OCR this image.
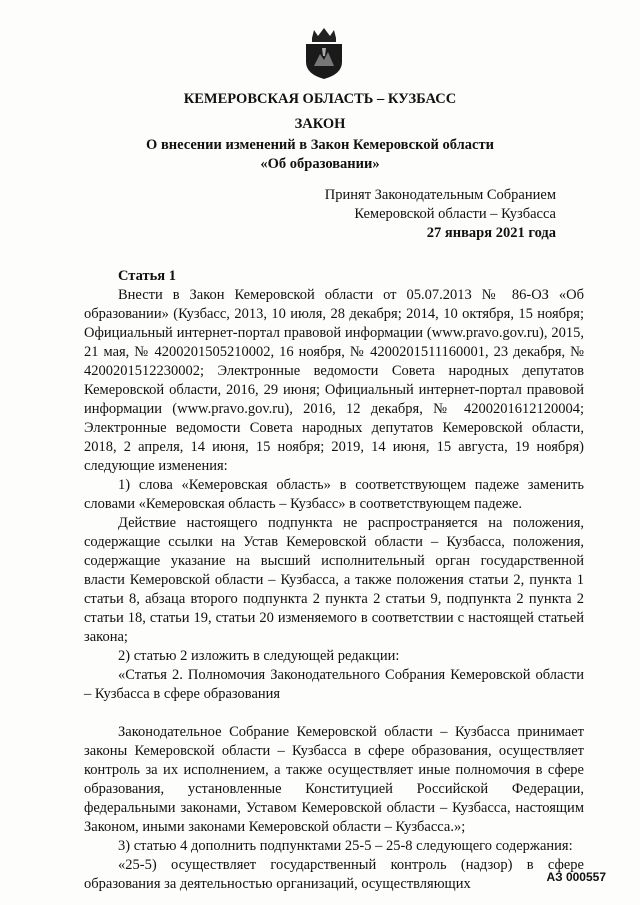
КЕМЕРОВСКАЯ ОБЛАСТЬ – КУЗБАСС
ЗАКОН
О внесении изменений в Закон Кемеровской области
«Об образовании»
Принят Законодательным Собранием
Кемеровской области – Кузбасса
27 января 2021 года

Статья 1

Внести в Закон Кемеровской области от 05.07.2013 № 86-ОЗ «Об образовании» (Кузбасс, 2013, 10 июля, 28 декабря; 2014, 10 октября, 15 ноября; Официальный интернет-портал правовой информации (www.pravo.gov.ru), 2015, 21 мая, № 4200201505210002, 16 ноября, № 4200201511160001, 23 декабря, № 4200201512230002; Электронные ведомости Совета народных депутатов Кемеровской области, 2016, 29 июня; Официальный интернет-портал правовой информации (www.pravo.gov.ru), 2016, 12 декабря, № 4200201612120004; Электронные ведомости Совета народных депутатов Кемеровской области, 2018, 2 апреля, 14 июня, 15 ноября; 2019, 14 июня, 15 августа, 19 ноября) следующие изменения:

1) слова «Кемеровская область» в соответствующем падеже заменить словами «Кемеровская область – Кузбасс» в соответствующем падеже.

Действие настоящего подпункта не распространяется на положения, содержащие ссылки на Устав Кемеровской области – Кузбасса, положения, содержащие указание на высший исполнительный орган государственной власти Кемеровской области – Кузбасса, а также положения статьи 2, пункта 1 статьи 8, абзаца второго подпункта 2 пункта 2 статьи 9, подпункта 2 пункта 2 статьи 18, статьи 19, статьи 20 изменяемого в соответствии с настоящей статьей закона;

2) статью 2 изложить в следующей редакции:

«Статья 2. Полномочия Законодательного Собрания Кемеровской области – Кузбасса в сфере образования

Законодательное Собрание Кемеровской области – Кузбасса принимает законы Кемеровской области – Кузбасса в сфере образования, осуществляет контроль за их исполнением, а также осуществляет иные полномочия в сфере образования, установленные Конституцией Российской Федерации, федеральными законами, Уставом Кемеровской области – Кузбасса, настоящим Законом, иными законами Кемеровской области – Кузбасса.»;

3) статью 4 дополнить подпунктами 25-5 – 25-8 следующего содержания:

«25-5) осуществляет государственный контроль (надзор) в сфере образования за деятельностью организаций, осуществляющих	АЗ 000557
